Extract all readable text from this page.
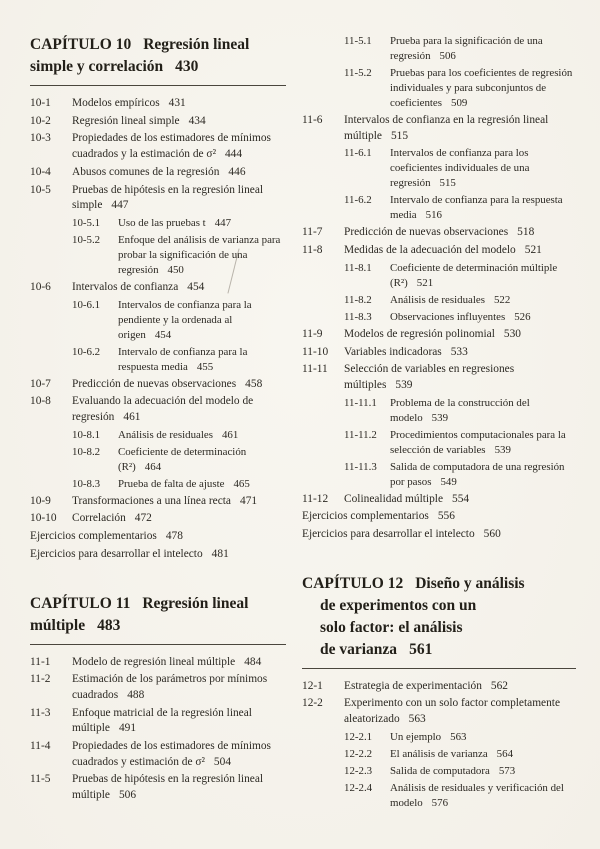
CAPÍTULO 10 Regresión lineal
simple y correlación 430
10-1	Modelos empíricos 431
10-2	Regresión lineal simple 434
10-3	Propiedades de los estimadores de mínimos cuadrados y la estimación de σ² 444
10-4	Abusos comunes de la regresión 446
10-5	Pruebas de hipótesis en la regresión lineal simple 447
10-5.1	Uso de las pruebas t 447
10-5.2	Enfoque del análisis de varianza para probar la significación de una regresión 450
10-6	Intervalos de confianza 454
10-6.1	Intervalos de confianza para la pendiente y la ordenada al origen 454
10-6.2	Intervalo de confianza para la respuesta media 455
10-7	Predicción de nuevas observaciones 458
10-8	Evaluando la adecuación del modelo de regresión 461
10-8.1	Análisis de residuales 461
10-8.2	Coeficiente de determinación (R²) 464
10-8.3	Prueba de falta de ajuste 465
10-9	Transformaciones a una línea recta 471
10-10	Correlación 472
Ejercicios complementarios 478
Ejercicios para desarrollar el intelecto 481
CAPÍTULO 11 Regresión lineal
múltiple 483
11-1	Modelo de regresión lineal múltiple 484
11-2	Estimación de los parámetros por mínimos cuadrados 488
11-3	Enfoque matricial de la regresión lineal múltiple 491
11-4	Propiedades de los estimadores de mínimos cuadrados y estimación de σ² 504
11-5	Pruebas de hipótesis en la regresión lineal múltiple 506
11-5.1	Prueba para la significación de una regresión 506
11-5.2	Pruebas para los coeficientes de regresión individuales y para subconjuntos de coeficientes 509
11-6	Intervalos de confianza en la regresión lineal múltiple 515
11-6.1	Intervalos de confianza para los coeficientes individuales de una regresión 515
11-6.2	Intervalo de confianza para la respuesta media 516
11-7	Predicción de nuevas observaciones 518
11-8	Medidas de la adecuación del modelo 521
11-8.1	Coeficiente de determinación múltiple (R²) 521
11-8.2	Análisis de residuales 522
11-8.3	Observaciones influyentes 526
11-9	Modelos de regresión polinomial 530
11-10	Variables indicadoras 533
11-11	Selección de variables en regresiones múltiples 539
11-11.1	Problema de la construcción del modelo 539
11-11.2	Procedimientos computacionales para la selección de variables 539
11-11.3	Salida de computadora de una regresión por pasos 549
11-12	Colinealidad múltiple 554
Ejercicios complementarios 556
Ejercicios para desarrollar el intelecto 560
CAPÍTULO 12 Diseño y análisis
de experimentos con un
solo factor: el análisis
de varianza 561
12-1	Estrategia de experimentación 562
12-2	Experimento con un solo factor completamente aleatorizado 563
12-2.1	Un ejemplo 563
12-2.2	El análisis de varianza 564
12-2.3	Salida de computadora 573
12-2.4	Análisis de residuales y verificación del modelo 576
